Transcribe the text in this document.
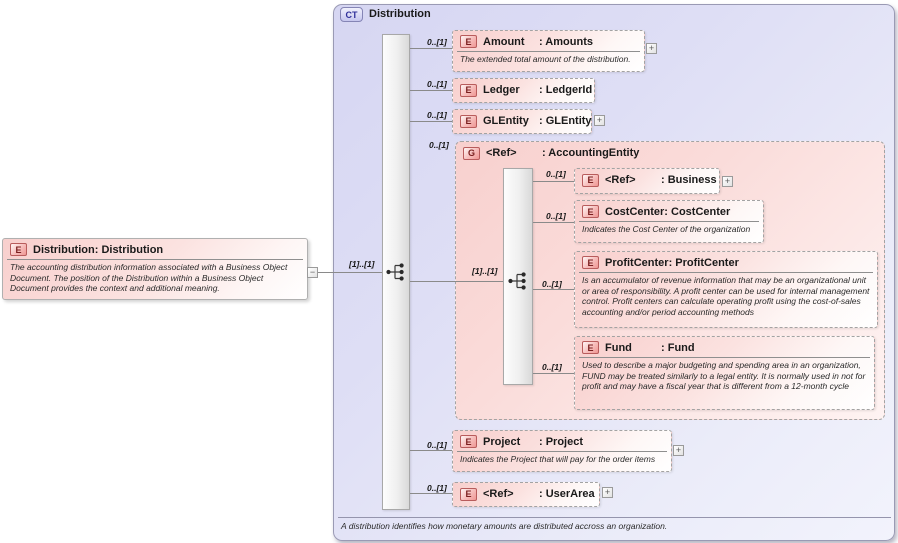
CT	Distribution
G	<Ref>	: AccountingEntity
[1]..[1]
0..[1]
0..[1]
0..[1]
0..[1]
[1]..[1]
0..[1]
0..[1]
0..[1]
0..[1]
0..[1]
0..[1]
E	Distribution : Distribution
The accounting distribution information associated with a Business Object Document. The position of the Distribution within a Business Object Document provides the context and additional meaning.
−
E	Amount	: Amounts
The extended total amount of the distribution.
+
E	Ledger	: LedgerId
E	GLEntity : GLEntity +
E	<Ref>	: Business +
E	CostCenter : CostCenter
Indicates the Cost Center of the organization
E	ProfitCenter : ProfitCenter
Is an accumulator of revenue information that may be an organizational unit or area of responsibility. A profit center can be used for internal management control. Profit centers can calculate operating profit using the cost-of-sales accounting and/or period accounting methods
E	Fund	: Fund
Used to describe a major budgeting and spending area in an organization, FUND may be treated similarly to a legal entity. It is normally used in not for profit and may have a fiscal year that is different from a 12-month cycle
E	Project	: Project
Indicates the Project that will pay for the order items
+
E	<Ref>	: UserArea	+
A distribution identifies how monetary amounts are distributed accross an organization.
